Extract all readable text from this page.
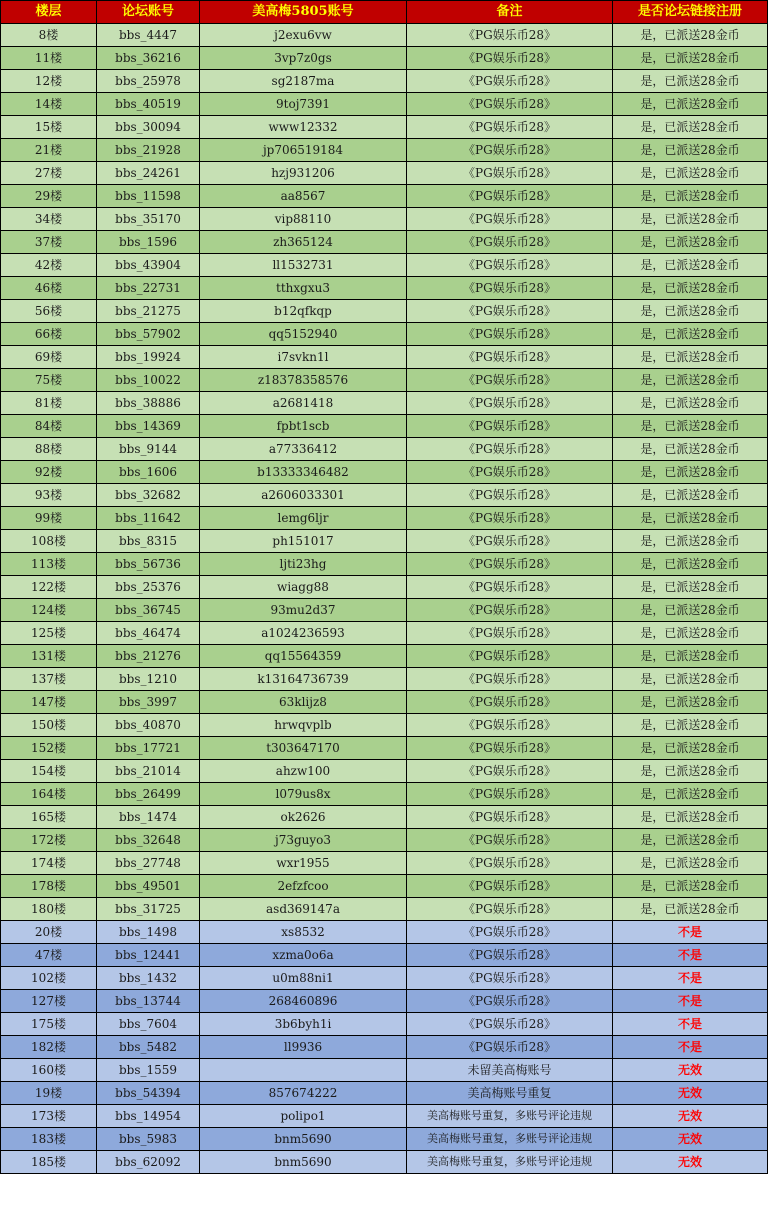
楼层	论坛账号	美高梅5805账号	备注	是否论坛链接注册
8楼	bbs_4447	j2exu6vw	《PG娱乐币28》	是，已派送28金币
11楼	bbs_36216	3vp7z0gs	《PG娱乐币28》	是，已派送28金币
12楼	bbs_25978	sg2187ma	《PG娱乐币28》	是，已派送28金币
14楼	bbs_40519	9toj7391	《PG娱乐币28》	是，已派送28金币
15楼	bbs_30094	www12332	《PG娱乐币28》	是，已派送28金币
21楼	bbs_21928	jp706519184	《PG娱乐币28》	是，已派送28金币
27楼	bbs_24261	hzj931206	《PG娱乐币28》	是，已派送28金币
29楼	bbs_11598	aa8567	《PG娱乐币28》	是，已派送28金币
34楼	bbs_35170	vip88110	《PG娱乐币28》	是，已派送28金币
37楼	bbs_1596	zh365124	《PG娱乐币28》	是，已派送28金币
42楼	bbs_43904	ll1532731	《PG娱乐币28》	是，已派送28金币
46楼	bbs_22731	tthxgxu3	《PG娱乐币28》	是，已派送28金币
56楼	bbs_21275	b12qfkqp	《PG娱乐币28》	是，已派送28金币
66楼	bbs_57902	qq5152940	《PG娱乐币28》	是，已派送28金币
69楼	bbs_19924	i7svkn1l	《PG娱乐币28》	是，已派送28金币
75楼	bbs_10022	z18378358576	《PG娱乐币28》	是，已派送28金币
81楼	bbs_38886	a2681418	《PG娱乐币28》	是，已派送28金币
84楼	bbs_14369	fpbt1scb	《PG娱乐币28》	是，已派送28金币
88楼	bbs_9144	a77336412	《PG娱乐币28》	是，已派送28金币
92楼	bbs_1606	b13333346482	《PG娱乐币28》	是，已派送28金币
93楼	bbs_32682	a2606033301	《PG娱乐币28》	是，已派送28金币
99楼	bbs_11642	lemg6ljr	《PG娱乐币28》	是，已派送28金币
108楼	bbs_8315	ph151017	《PG娱乐币28》	是，已派送28金币
113楼	bbs_56736	ljti23hg	《PG娱乐币28》	是，已派送28金币
122楼	bbs_25376	wiagg88	《PG娱乐币28》	是，已派送28金币
124楼	bbs_36745	93mu2d37	《PG娱乐币28》	是，已派送28金币
125楼	bbs_46474	a1024236593	《PG娱乐币28》	是，已派送28金币
131楼	bbs_21276	qq15564359	《PG娱乐币28》	是，已派送28金币
137楼	bbs_1210	k13164736739	《PG娱乐币28》	是，已派送28金币
147楼	bbs_3997	63klijz8	《PG娱乐币28》	是，已派送28金币
150楼	bbs_40870	hrwqvplb	《PG娱乐币28》	是，已派送28金币
152楼	bbs_17721	t303647170	《PG娱乐币28》	是，已派送28金币
154楼	bbs_21014	ahzw100	《PG娱乐币28》	是，已派送28金币
164楼	bbs_26499	l079us8x	《PG娱乐币28》	是，已派送28金币
165楼	bbs_1474	ok2626	《PG娱乐币28》	是，已派送28金币
172楼	bbs_32648	j73guyo3	《PG娱乐币28》	是，已派送28金币
174楼	bbs_27748	wxr1955	《PG娱乐币28》	是，已派送28金币
178楼	bbs_49501	2efzfcoo	《PG娱乐币28》	是，已派送28金币
180楼	bbs_31725	asd369147a	《PG娱乐币28》	是，已派送28金币
20楼	bbs_1498	xs8532	《PG娱乐币28》	不是
47楼	bbs_12441	xzma0o6a	《PG娱乐币28》	不是
102楼	bbs_1432	u0m88ni1	《PG娱乐币28》	不是
127楼	bbs_13744	268460896	《PG娱乐币28》	不是
175楼	bbs_7604	3b6byh1i	《PG娱乐币28》	不是
182楼	bbs_5482	ll9936	《PG娱乐币28》	不是
160楼	bbs_1559		未留美高梅账号	无效
19楼	bbs_54394	857674222	美高梅账号重复	无效
173楼	bbs_14954	polipo1	美高梅账号重复，多账号评论违规	无效
183楼	bbs_5983	bnm5690	美高梅账号重复，多账号评论违规	无效
185楼	bbs_62092	bnm5690	美高梅账号重复，多账号评论违规	无效
